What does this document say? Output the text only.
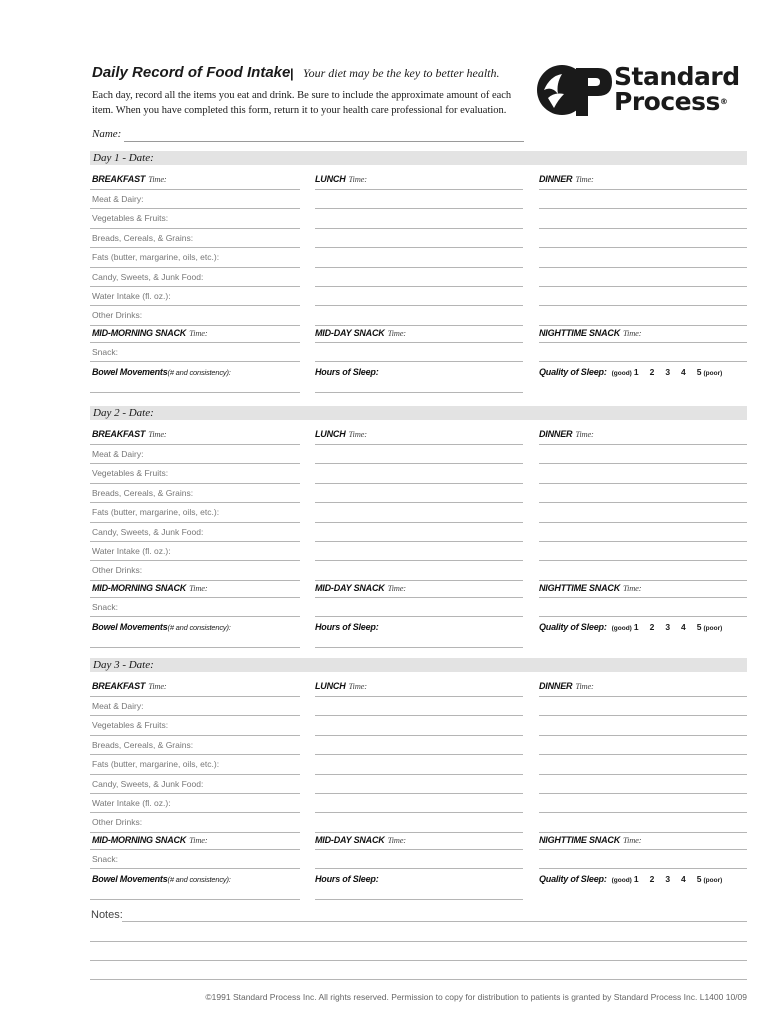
Daily Record of Food Intake | Your diet may be the key to better health.
Each day, record all the items you eat and drink. Be sure to include the approximate amount of each item. When you have completed this form, return it to your health care professional for evaluation.
Name:
Standard
Process®
Day 1 - Date:
BREAKFAST Time:	LUNCH Time:	DINNER Time:
Meat & Dairy:
Vegetables & Fruits:
Breads, Cereals, & Grains:
Fats (butter, margarine, oils, etc.):
Candy, Sweets, & Junk Food:
Water Intake (fl. oz.):
Other Drinks:
MID-MORNING SNACK Time:	MID-DAY SNACK Time:	NIGHTTIME SNACK Time:
Snack:
Bowel Movements(# and consistency):	Hours of Sleep:	Quality of Sleep: (good) 1 2 3 4 5 (poor)
Day 2 - Date:
BREAKFAST Time:	LUNCH Time:	DINNER Time:
Meat & Dairy:
Vegetables & Fruits:
Breads, Cereals, & Grains:
Fats (butter, margarine, oils, etc.):
Candy, Sweets, & Junk Food:
Water Intake (fl. oz.):
Other Drinks:
MID-MORNING SNACK Time:	MID-DAY SNACK Time:	NIGHTTIME SNACK Time:
Snack:
Bowel Movements(# and consistency):	Hours of Sleep:	Quality of Sleep: (good) 1 2 3 4 5 (poor)
Day 3 - Date:
BREAKFAST Time:	LUNCH Time:	DINNER Time:
Meat & Dairy:
Vegetables & Fruits:
Breads, Cereals, & Grains:
Fats (butter, margarine, oils, etc.):
Candy, Sweets, & Junk Food:
Water Intake (fl. oz.):
Other Drinks:
MID-MORNING SNACK Time:	MID-DAY SNACK Time:	NIGHTTIME SNACK Time:
Snack:
Bowel Movements(# and consistency):	Hours of Sleep:	Quality of Sleep: (good) 1 2 3 4 5 (poor)
Notes:
©1991 Standard Process Inc. All rights reserved. Permission to copy for distribution to patients is granted by Standard Process Inc. L1400 10/09
